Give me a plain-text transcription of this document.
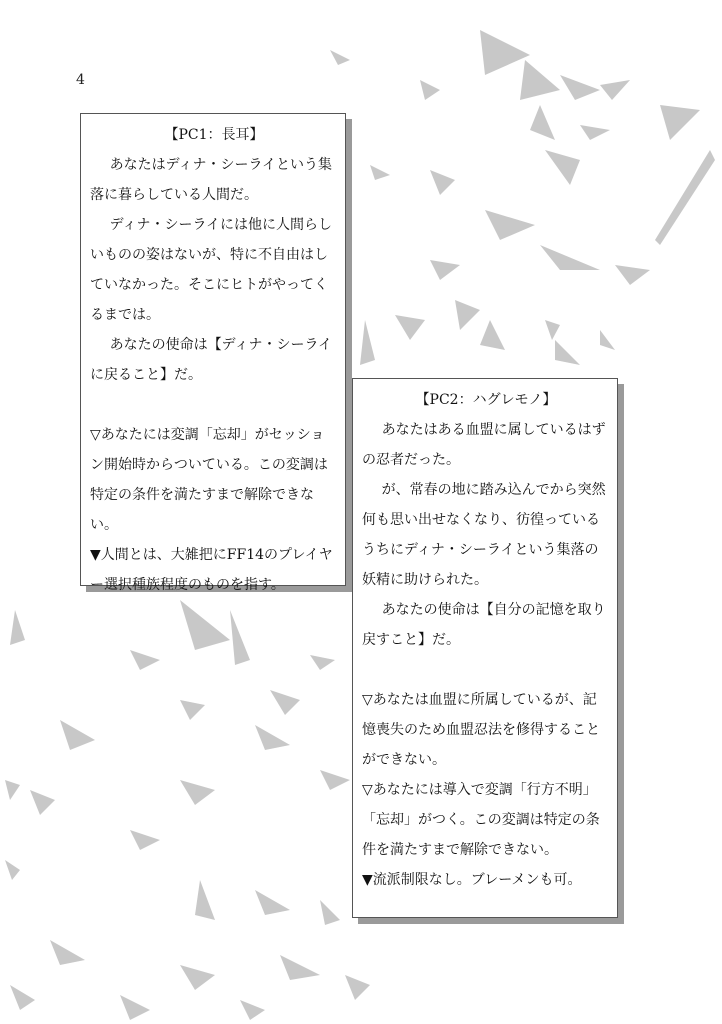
4

【PC1：長耳】

あなたはディナ・シーライという集落に暮らしている人間だ。

ディナ・シーライには他に人間らしいものの姿はないが、特に不自由はしていなかった。そこにヒトがやってくるまでは。

あなたの使命は【ディナ・シーライに戻ること】だ。

▽あなたには変調「忘却」がセッション開始時からついている。この変調は特定の条件を満たすまで解除できない。

▼人間とは、大雑把にFF14のプレイヤー選択種族程度のものを指す。

【PC2：ハグレモノ】

あなたはある血盟に属しているはずの忍者だった。

が、常春の地に踏み込んでから突然何も思い出せなくなり、彷徨っているうちにディナ・シーライという集落の妖精に助けられた。

あなたの使命は【自分の記憶を取り戻すこと】だ。

▽あなたは血盟に所属しているが、記憶喪失のため血盟忍法を修得することができない。

▽あなたには導入で変調「行方不明」「忘却」がつく。この変調は特定の条件を満たすまで解除できない。

▼流派制限なし。ブレーメンも可。
